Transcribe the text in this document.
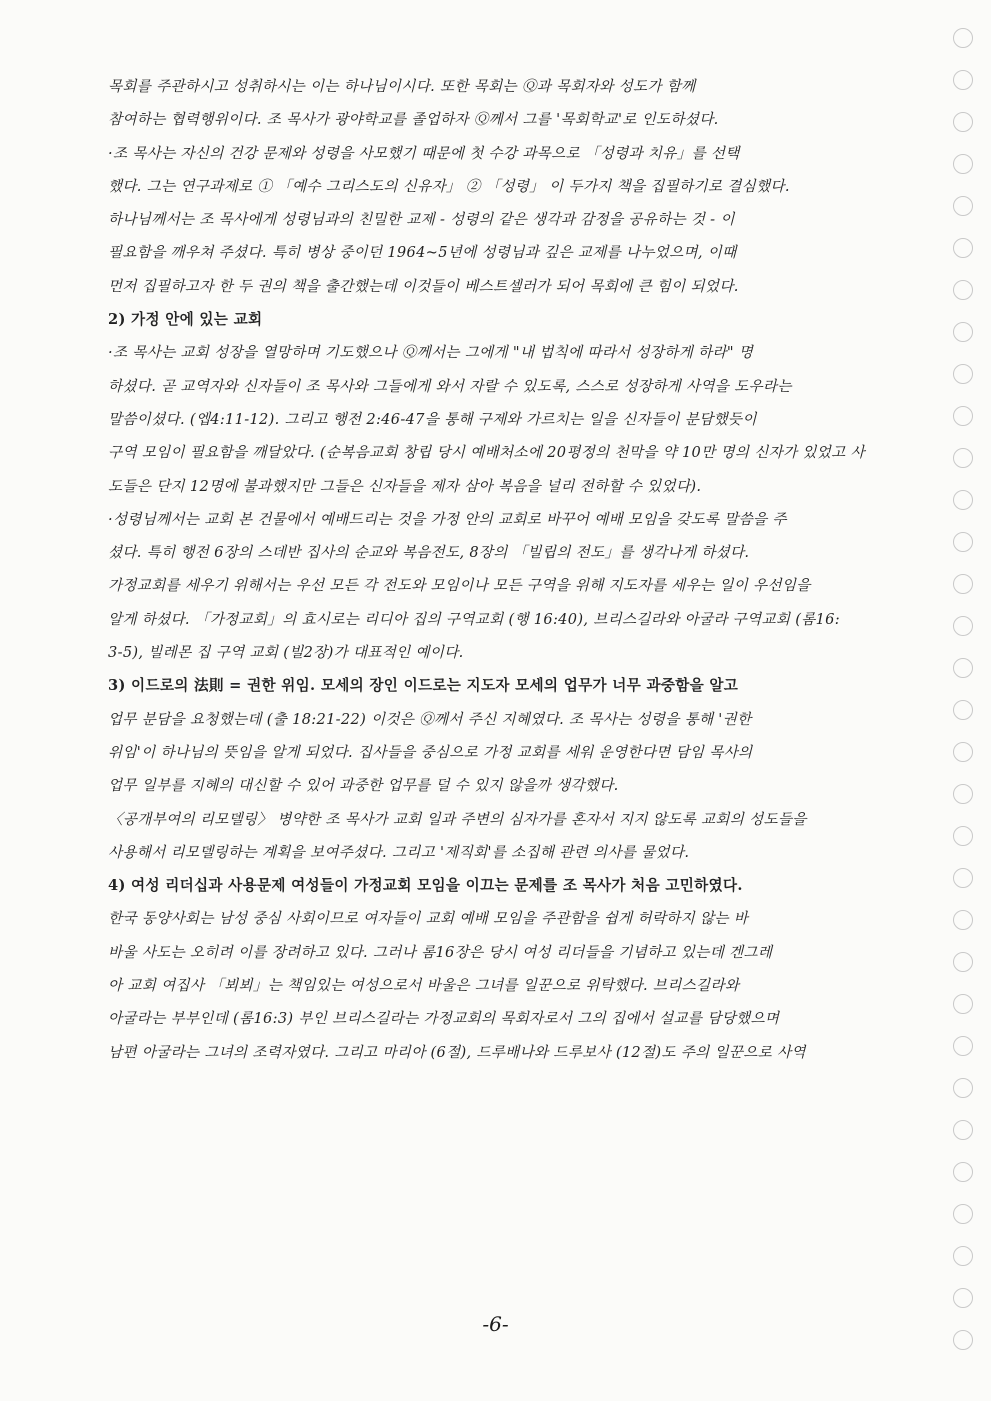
목회를 주관하시고 성취하시는 이는 하나님이시다. 또한 목회는 Ⓠ과 목회자와 성도가 함께
참여하는 협력행위이다. 조 목사가 광야학교를 졸업하자 Ⓠ께서 그를 '목회학교'로 인도하셨다.
·조 목사는 자신의 건강 문제와 성령을 사모했기 때문에 첫 수강 과목으로 「성령과 치유」를 선택
했다. 그는 연구과제로 ① 「예수 그리스도의 신유자」 ② 「성령」 이 두가지 책을 집필하기로 결심했다.
하나님께서는 조 목사에게 성령님과의 친밀한 교제 - 성령의 같은 생각과 감정을 공유하는 것 - 이
필요함을 깨우쳐 주셨다. 특히 병상 중이던 1964~5년에 성령님과 깊은 교제를 나누었으며, 이때
먼저 집필하고자 한 두 권의 책을 출간했는데 이것들이 베스트셀러가 되어 목회에 큰 힘이 되었다.
2) 가정 안에 있는 교회
·조 목사는 교회 성장을 열망하며 기도했으나 Ⓠ께서는 그에게 "내 법칙에 따라서 성장하게 하라" 명
하셨다. 곧 교역자와 신자들이 조 목사와 그들에게 와서 자랄 수 있도록, 스스로 성장하게 사역을 도우라는
말씀이셨다. (엡4:11-12). 그리고 행전 2:46-47을 통해 구제와 가르치는 일을 신자들이 분담했듯이
구역 모임이 필요함을 깨달았다. (순복음교회 창립 당시 예배처소에 20평정의 천막을 약 10만 명의 신자가 있었고 사
도들은 단지 12명에 불과했지만 그들은 신자들을 제자 삼아 복음을 널리 전하할 수 있었다).
·성령님께서는 교회 본 건물에서 예배드리는 것을 가정 안의 교회로 바꾸어 예배 모임을 갖도록 말씀을 주
셨다. 특히 행전 6장의 스데반 집사의 순교와 복음전도, 8장의 「빌립의 전도」를 생각나게 하셨다.
가정교회를 세우기 위해서는 우선 모든 각 전도와 모임이나 모든 구역을 위해 지도자를 세우는 일이 우선임을
알게 하셨다. 「가정교회」의 효시로는 리디아 집의 구역교회 (행 16:40), 브리스길라와 아굴라 구역교회 (롬16:
3-5), 빌레몬 집 구역 교회 (빌2장)가 대표적인 예이다.
3) 이드로의 法則 = 권한 위임. 모세의 장인 이드로는 지도자 모세의 업무가 너무 과중함을 알고
업무 분담을 요청했는데 (출 18:21-22) 이것은 Ⓠ께서 주신 지혜였다. 조 목사는 성령을 통해 '권한
위임'이 하나님의 뜻임을 알게 되었다. 집사들을 중심으로 가정 교회를 세워 운영한다면 담임 목사의
업무 일부를 지혜의 대신할 수 있어 과중한 업무를 덜 수 있지 않을까 생각했다.
〈공개부여의 리모델링〉 병약한 조 목사가 교회 일과 주변의 심자가를 혼자서 지지 않도록 교회의 성도들을
사용해서 리모델링하는 계획을 보여주셨다. 그리고 '제직회'를 소집해 관련 의사를 물었다.
4) 여성 리더십과 사용문제 여성들이 가정교회 모임을 이끄는 문제를 조 목사가 처음 고민하였다.
한국 동양사회는 남성 중심 사회이므로 여자들이 교회 예배 모임을 주관함을 쉽게 허락하지 않는 바
바울 사도는 오히려 이를 장려하고 있다. 그러나 롬16장은 당시 여성 리더들을 기념하고 있는데 겐그레
아 교회 여집사 「뵈뵈」는 책임있는 여성으로서 바울은 그녀를 일꾼으로 위탁했다. 브리스길라와
아굴라는 부부인데 (롬16:3) 부인 브리스길라는 가정교회의 목회자로서 그의 집에서 설교를 담당했으며
남편 아굴라는 그녀의 조력자였다. 그리고 마리아 (6절), 드루배나와 드루보사 (12절)도 주의 일꾼으로 사역
-6-
